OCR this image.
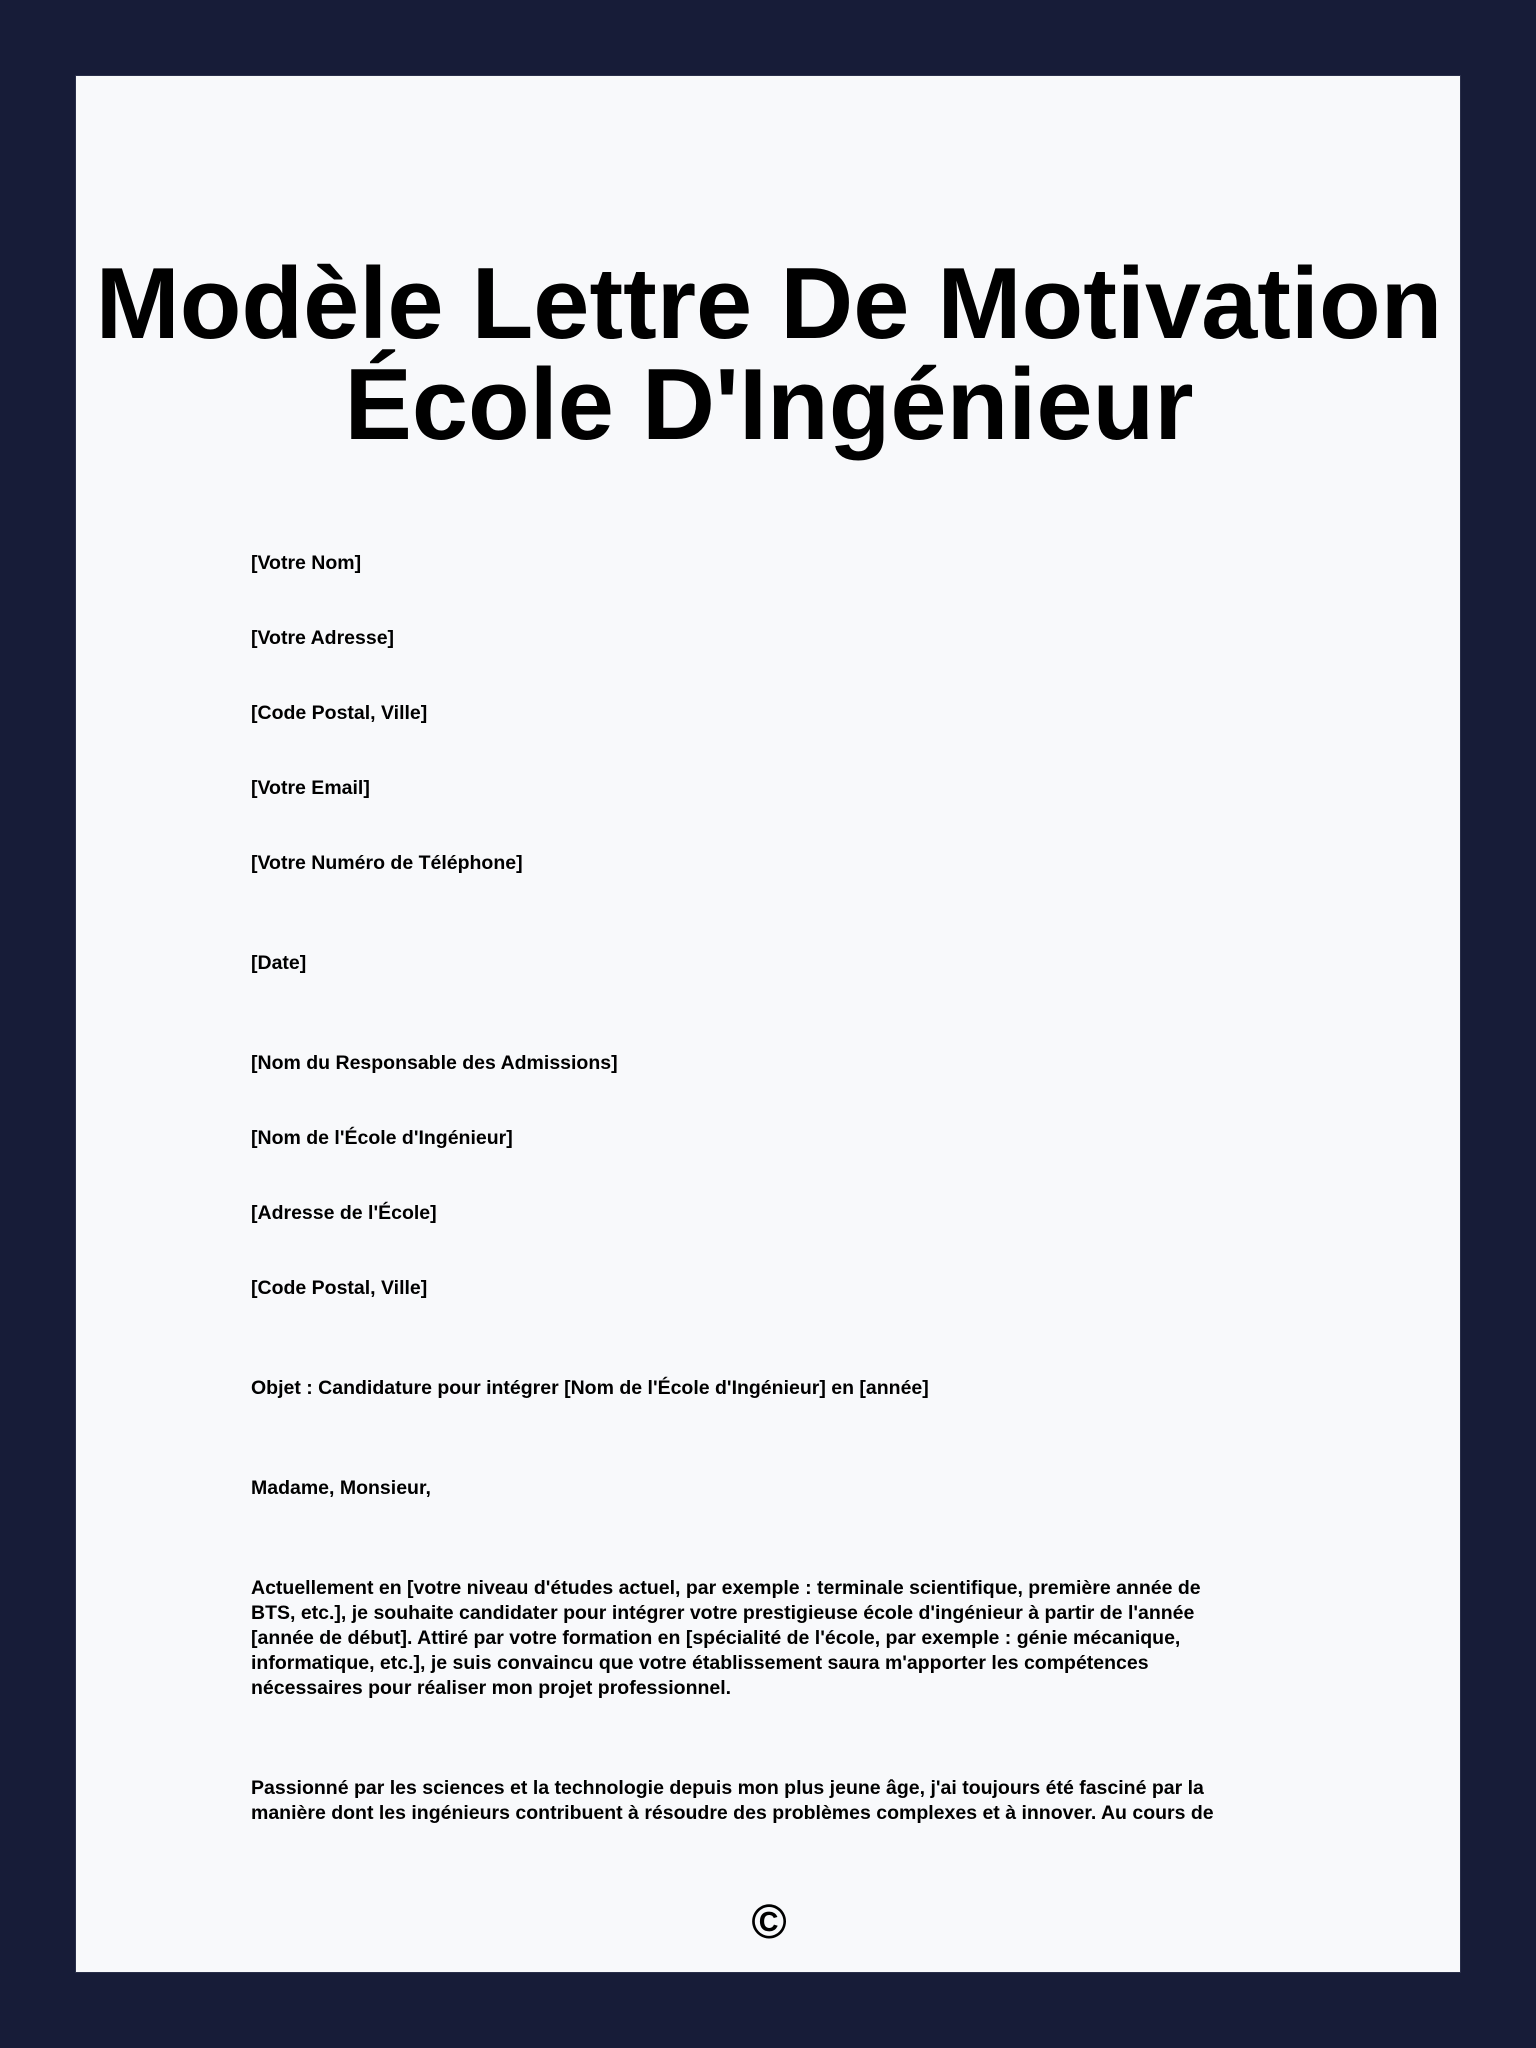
Modèle Lettre De Motivation
École D'Ingénieur
[Votre Nom]
[Votre Adresse]
[Code Postal, Ville]
[Votre Email]
[Votre Numéro de Téléphone]
[Date]
[Nom du Responsable des Admissions]
[Nom de l'École d'Ingénieur]
[Adresse de l'École]
[Code Postal, Ville]
Objet : Candidature pour intégrer [Nom de l'École d'Ingénieur] en [année]
Madame, Monsieur,
Actuellement en [votre niveau d'études actuel, par exemple : terminale scientifique, première année de
BTS, etc.], je souhaite candidater pour intégrer votre prestigieuse école d'ingénieur à partir de l'année
[année de début]. Attiré par votre formation en [spécialité de l'école, par exemple : génie mécanique,
informatique, etc.], je suis convaincu que votre établissement saura m'apporter les compétences
nécessaires pour réaliser mon projet professionnel.
Passionné par les sciences et la technologie depuis mon plus jeune âge, j'ai toujours été fasciné par la
manière dont les ingénieurs contribuent à résoudre des problèmes complexes et à innover. Au cours de
©
